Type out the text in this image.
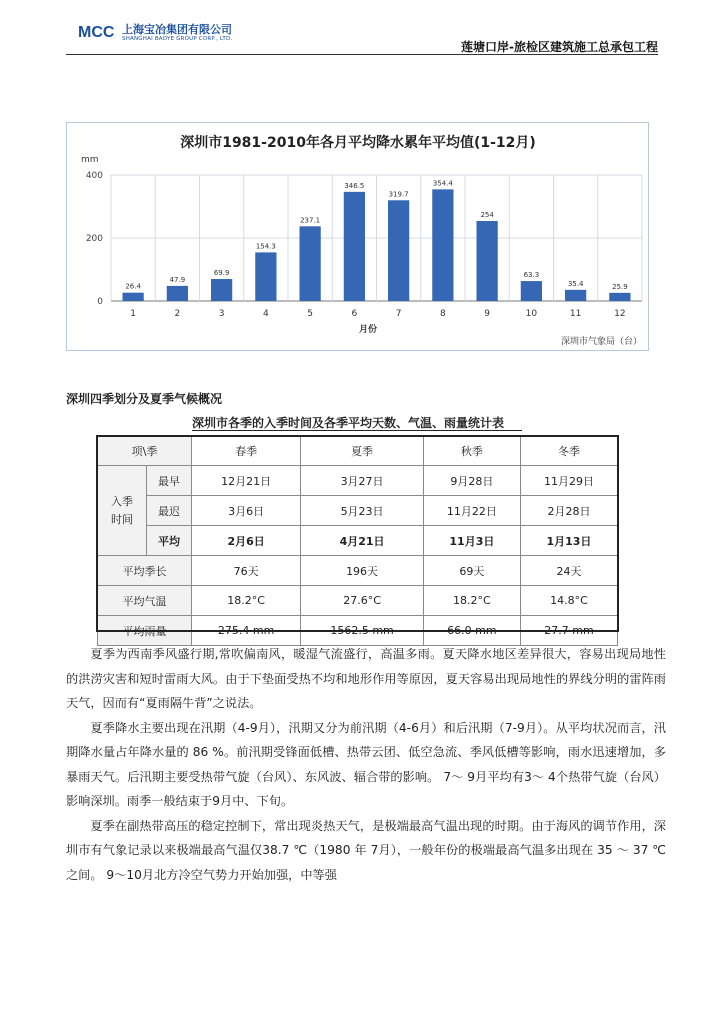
MCC 上海宝冶集团有限公司
SHANGHAI BAOYE GROUP CORP., LTD.
莲塘口岸-旅检区建筑施工总承包工程
深圳市1981-2010年各月平均降水累年平均值(1-12月)
mm
月份
深圳市气象局（台）
0
200
400
26.4
1
47.9
2
69.9
3
154.3
4
237.1
5
346.5
6
319.7
7
354.4
8
254
9
63.3
10
35.4
11
25.9
12
深圳四季划分及夏季气候概况
深圳市各季的入季时间及各季平均天数、气温、雨量统计表
项\季		春季	夏季	秋季	冬季
入季时间	最早	12月21日	3月27日	9月28日	11月29日
	最迟	3月6日	5月23日	11月22日	2月28日
	平均	2月6日	4月21日	11月3日	1月13日
平均季长		76天	196天	69天	24天
平均气温		18.2°C	27.6°C	18.2°C	14.8°C
平均雨量		275.4 mm	1562.5 mm	66.0 mm	27.7 mm

夏季为西南季风盛行期,常吹偏南风，暖湿气流盛行，高温多雨。夏天降水地区差异很大，容易出现局地性的洪涝灾害和短时雷雨大风。由于下垫面受热不均和地形作用等原因，夏天容易出现局地性的界线分明的雷阵雨天气，因而有“夏雨隔牛背”之说法。

夏季降水主要出现在汛期（4-9月），汛期又分为前汛期（4-6月）和后汛期（7-9月）。从平均状况而言，汛期降水量占年降水量的 86 %。前汛期受锋面低槽、热带云团、低空急流、季风低槽等影响，雨水迅速增加，多暴雨天气。后汛期主要受热带气旋（台风）、东风波、辐合带的影响。 7～ 9月平均有3～ 4个热带气旋（台风）影响深圳。雨季一般结束于9月中、下旬。

夏季在副热带高压的稳定控制下，常出现炎热天气，是极端最高气温出现的时期。由于海风的调节作用，深圳市有气象记录以来极端最高气温仅38.7 ℃（1980 年 7月），一般年份的极端最高气温多出现在 35 ～ 37 ℃之间。 9～10月北方冷空气势力开始加强，中等强
